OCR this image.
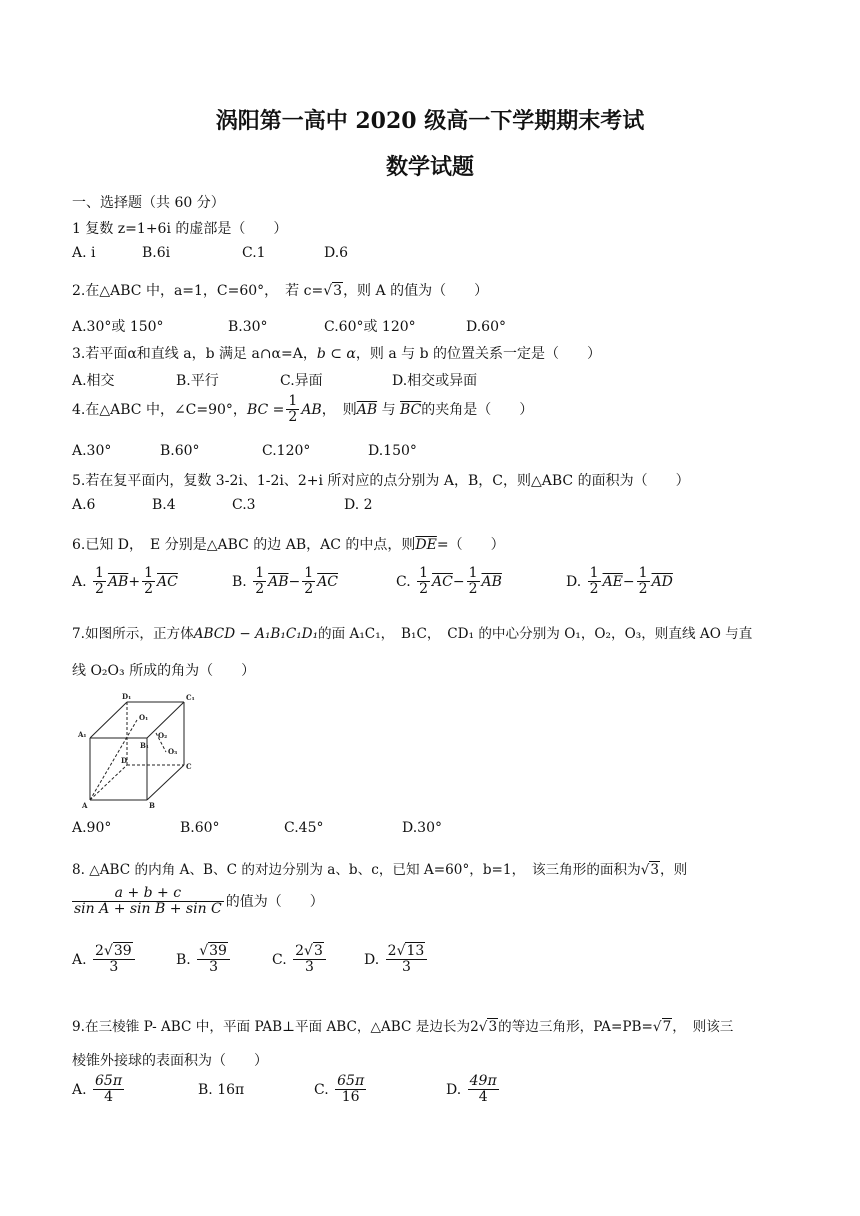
涡阳第一高中 2020 级高一下学期期末考试
数学试题
一、选择题（共 60 分）
1 复数 z=1+6i 的虚部是（　　）
A. i	B.6i	C.1	D.6
2.在△ABC 中，a=1，C=60°，　若 c=√3，则 A 的值为（　　）
A.30°或 150°	B.30°	C.60°或 120°	D.60°
3.若平面α和直线 a，b 满足 a∩α=A，b ⊂ α，则 a 与 b 的位置关系一定是（　　）
A.相交	B.平行	C.异面	D.相交或异面
4.在△ABC 中，∠C=90°，BC = $\frac{1}{2}$ AB，　则$\overline{AB}$ 与 $\overline{BC}$的夹角是（　　）
A.30°	B.60°	C.120°	D.150°
5.若在复平面内，复数 3-2i、1-2i、2+i 所对应的点分别为 A，B，C，则△ABC 的面积为（　　）
A.6	B.4	C.3	D. 2
6.已知 D，　E 分别是△ABC 的边 AB，AC 的中点，则$\overline{DE}=$（　　）
A. $\frac{1}{2} \overline{AB}+ \frac{1}{2} \overline{AC}$	B. $\frac{1}{2} \overline{AB}- \frac{1}{2} \overline{AC}$	C. $\frac{1}{2} \overline{AC}- \frac{1}{2} \overline{AB}$	D. $\frac{1}{2} \overline{AE}- \frac{1}{2} \overline{AD}$
7.如图所示，正方体ABCD − A₁B₁C₁D₁的面 A₁C₁，　B₁C，　CD₁ 的中心分别为 O₁，O₂，O₃，则直线 AO 与直
线 O₂O₃ 所成的角为（　　）
D₁	C₁
A₁
B₁
O₁
O₂
O₃
D
C
A	B
A.90°	B.60°	C.45°	D.30°
8. △ABC 的内角 A、B、C 的对边分别为 a、b、c，已知 A=60°，b=1，　该三角形的面积为√3，则
$\frac{a + b + c}{\text{sin A + sin B + sin C}}$ 的值为（　　）
A. $\frac{2√39}{3}$	B. $\frac{√39}{3}$	C. $\frac{2√3}{3}$	D. $\frac{2√13}{3}$
9.在三棱锥 P- ABC 中，平面 PAB⊥平面 ABC，△ABC 是边长为2√3的等边三角形，PA=PB=√7，　则该三
棱锥外接球的表面积为（　　）
A. $\frac{65\pi}{4}$	B. 16π	C. $\frac{65\pi}{16}$	D. $\frac{49\pi}{4}$
